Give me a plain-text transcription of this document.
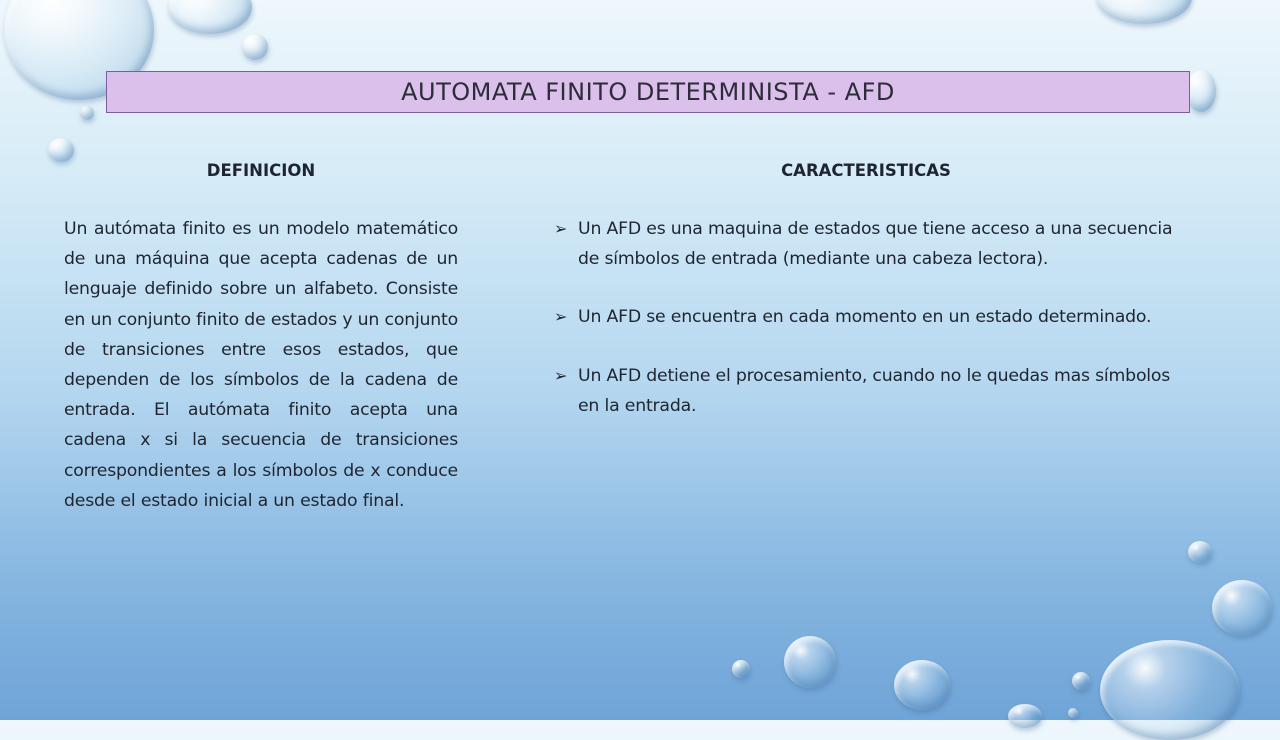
AUTOMATA FINITO DETERMINISTA - AFD
DEFINICION
Un autómata finito es un modelo matemático de una máquina que acepta cadenas de un lenguaje definido sobre un alfabeto. Consiste en un conjunto finito de estados y un conjunto de transiciones entre esos estados, que dependen de los símbolos de la cadena de entrada. El autómata finito acepta una cadena x si la secuencia de transiciones correspondientes a los símbolos de x conduce desde el estado inicial a un estado final.
CARACTERISTICAS
➢ Un AFD es una maquina de estados que tiene acceso a una secuencia de símbolos de entrada (mediante una cabeza lectora).
➢ Un AFD se encuentra en cada momento en un estado determinado.
➢ Un AFD detiene el procesamiento, cuando no le quedas mas símbolos en la entrada.
